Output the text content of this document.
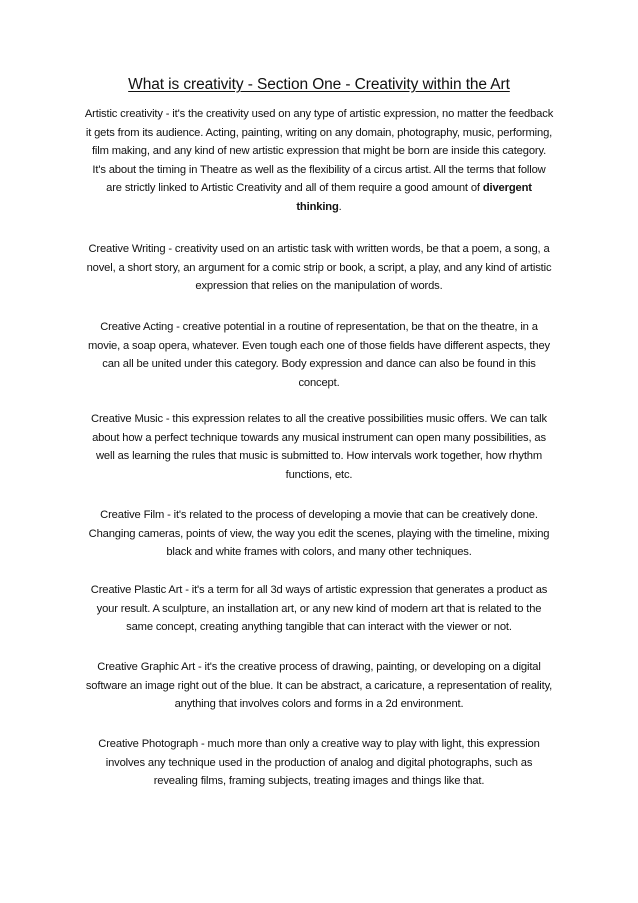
What is creativity - Section One - Creativity within the Art
Artistic creativity - it's the creativity used on any type of artistic expression, no matter the feedback it gets from its audience. Acting, painting, writing on any domain, photography, music, performing, film making, and any kind of new artistic expression that might be born are inside this category. It's about the timing in Theatre as well as the flexibility of a circus artist. All the terms that follow are strictly linked to Artistic Creativity and all of them require a good amount of divergent thinking.
Creative Writing - creativity used on an artistic task with written words, be that a poem, a song, a novel, a short story, an argument for a comic strip or book, a script, a play, and any kind of artistic expression that relies on the manipulation of words.
Creative Acting - creative potential in a routine of representation, be that on the theatre, in a movie, a soap opera, whatever. Even tough each one of those fields have different aspects, they can all be united under this category. Body expression and dance can also be found in this concept.
Creative Music - this expression relates to all the creative possibilities music offers. We can talk about how a perfect technique towards any musical instrument can open many possibilities, as well as learning the rules that music is submitted to. How intervals work together, how rhythm functions, etc.
Creative Film - it's related to the process of developing a movie that can be creatively done. Changing cameras, points of view, the way you edit the scenes, playing with the timeline, mixing black and white frames with colors, and many other techniques.
Creative Plastic Art - it's a term for all 3d ways of artistic expression that generates a product as your result. A sculpture, an installation art, or any new kind of modern art that is related to the same concept, creating anything tangible that can interact with the viewer or not.
Creative Graphic Art - it's the creative process of drawing, painting, or developing on a digital software an image right out of the blue. It can be abstract, a caricature, a representation of reality, anything that involves colors and forms in a 2d environment.
Creative Photograph - much more than only a creative way to play with light, this expression involves any technique used in the production of analog and digital photographs, such as revealing films, framing subjects, treating images and things like that.
